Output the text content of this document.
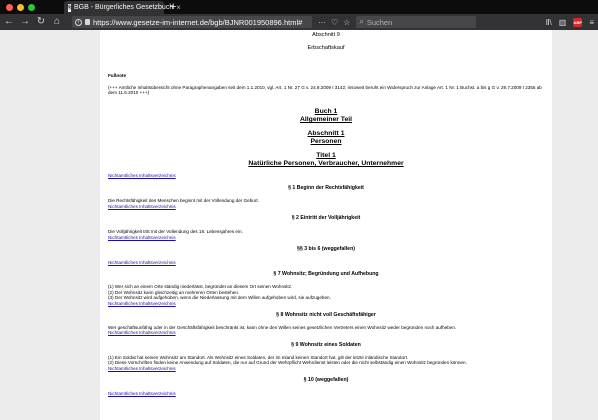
§ BGB - Bürgerliches Gesetzbuch ×
+
← → ↻ ⌂	i	https://www.gesetze-im-internet.de/bgb/BJNR001950896.html#	··· ♡ ☆ ⌕
Suchen	Ⅱ\ ▥ ABP ≡
Abschnitt 9
Erbschaftskauf
Fußnote
(+++ Amtliche Inhaltsübersicht ohne Paragraphenangaben seit dem 1.1.2010, vgl. Art. 1 Nr. 27 G v. 24.9.2009 I 3142; insoweit beruht ein Widerspruch zur Anlage Art. 1 Nr. 1 Buchst. a bis g G v. 29.7.2009 I 2355 ab dem 11.6.2010 +++)
Buch 1
Allgemeiner Teil
Abschnitt 1
Personen
Titel 1
Natürliche Personen, Verbraucher, Unternehmer
Nichtamtliches Inhaltsverzeichnis
§ 1 Beginn der Rechtsfähigkeit
Die Rechtsfähigkeit des Menschen beginnt mit der Vollendung der Geburt.
Nichtamtliches Inhaltsverzeichnis
§ 2 Eintritt der Volljährigkeit
Die Volljährigkeit tritt mit der Vollendung des 18. Lebensjahres ein.
Nichtamtliches Inhaltsverzeichnis
§§ 3 bis 6 (weggefallen)
Nichtamtliches Inhaltsverzeichnis
§ 7 Wohnsitz; Begründung und Aufhebung
(1) Wer sich an einem Orte ständig niederlässt, begründet an diesem Ort seinen Wohnsitz.
(2) Der Wohnsitz kann gleichzeitig an mehreren Orten bestehen.
(3) Der Wohnsitz wird aufgehoben, wenn die Niederlassung mit dem Willen aufgehoben wird, sie aufzugeben.
Nichtamtliches Inhaltsverzeichnis
§ 8 Wohnsitz nicht voll Geschäftsfähiger
Wer geschäftsunfähig oder in der Geschäftsfähigkeit beschränkt ist, kann ohne den Willen seines gesetzlichen Vertreters einen Wohnsitz weder begründen noch aufheben.
Nichtamtliches Inhaltsverzeichnis
§ 9 Wohnsitz eines Soldaten
(1) Ein Soldat hat seinen Wohnsitz am Standort. Als Wohnsitz eines Soldaten, der im Inland keinen Standort hat, gilt der letzte inländische Standort.
(2) Diese Vorschriften finden keine Anwendung auf Soldaten, die nur auf Grund der Wehrpflicht Wehrdienst leisten oder die nicht selbständig einen Wohnsitz begründen können.
Nichtamtliches Inhaltsverzeichnis
§ 10 (weggefallen)
Nichtamtliches Inhaltsverzeichnis
